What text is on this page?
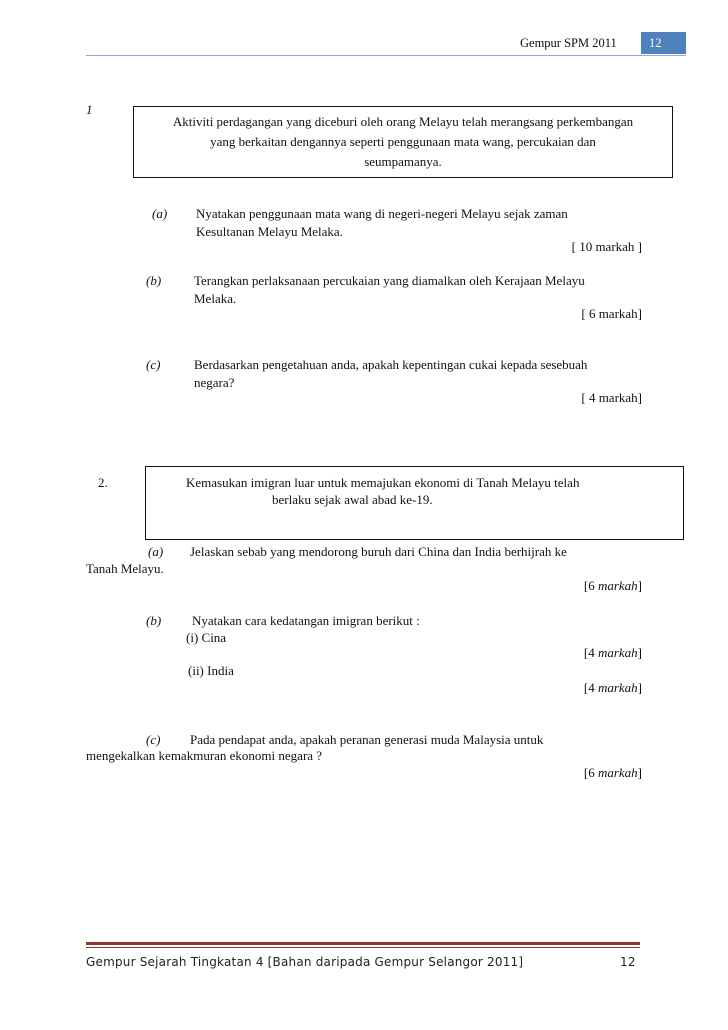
Gempur SPM 2011	12
1
Aktiviti perdagangan yang diceburi oleh orang Melayu telah merangsang perkembangan
yang berkaitan dengannya seperti penggunaan mata wang, percukaian dan
seumpamanya.
(a) Nyatakan penggunaan mata wang di negeri-negeri Melayu sejak zaman
Kesultanan Melayu Melaka.
[ 10 markah ]
(b)	Terangkan perlaksanaan percukaian yang diamalkan oleh Kerajaan Melayu
Melaka.
[ 6 markah]
(c)	Berdasarkan pengetahuan anda, apakah kepentingan cukai kepada sesebuah
negara?
[ 4 markah]
2.	Kemasukan imigran luar untuk memajukan ekonomi di Tanah Melayu telah
berlaku sejak awal abad ke-19.
(a) Jelaskan sebab yang mendorong buruh dari China dan India berhijrah ke
Tanah Melayu.
[6 markah]
(b) Nyatakan cara kedatangan imigran berikut :
(i) Cina
[4 markah]
(ii) India
[4 markah]
(c) Pada pendapat anda, apakah peranan generasi muda Malaysia untuk
mengekalkan kemakmuran ekonomi negara ?
[6 markah]
Gempur Sejarah Tingkatan 4 [Bahan daripada Gempur Selangor 2011]	12
